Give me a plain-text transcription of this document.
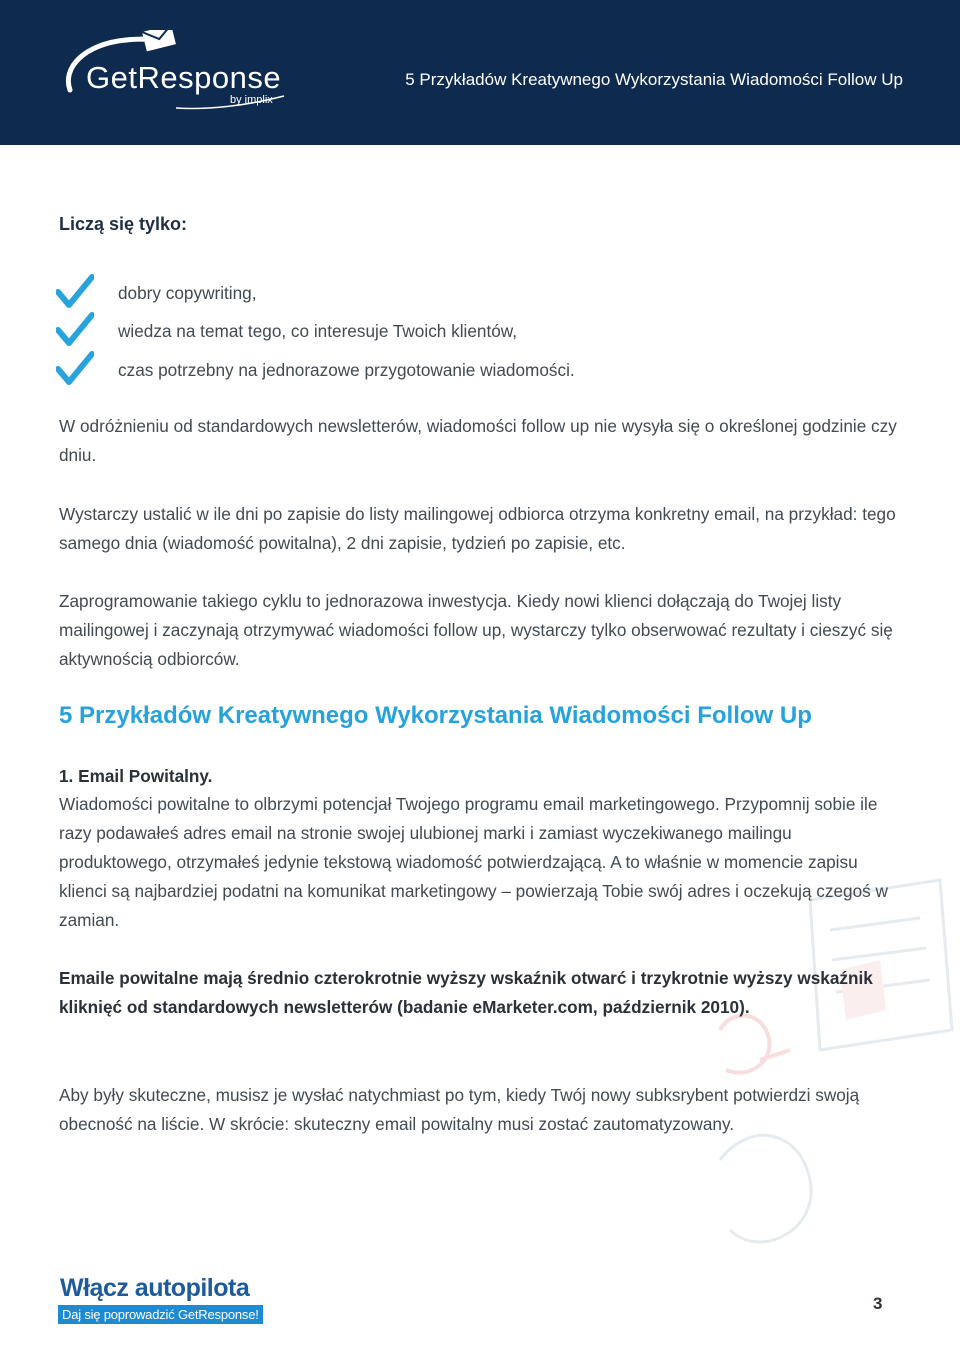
GetResponse
by implix
5 Przykładów Kreatywnego Wykorzystania Wiadomości Follow Up
Liczą się tylko:
dobry copywriting,
wiedza na temat tego, co interesuje Twoich klientów,
czas potrzebny na jednorazowe przygotowanie wiadomości.

W odróżnieniu od standardowych newsletterów, wiadomości follow up nie wysyła się o określonej godzinie czy dniu.

Wystarczy ustalić w ile dni po zapisie do listy mailingowej odbiorca otrzyma konkretny email, na przykład: tego samego dnia (wiadomość powitalna), 2 dni zapisie, tydzień po zapisie, etc.

Zaprogramowanie takiego cyklu to jednorazowa inwestycja. Kiedy nowi klienci dołączają do Twojej listy mailingowej i zaczynają otrzymywać wiadomości follow up, wystarczy tylko obserwować rezultaty i cieszyć się aktywnością odbiorców.

5 Przykładów Kreatywnego Wykorzystania Wiadomości Follow Up
1. Email Powitalny.

Wiadomości powitalne to olbrzymi potencjał Twojego programu email marketingowego. Przypomnij sobie ile razy podawałeś adres email na stronie swojej ulubionej marki i zamiast wyczekiwanego mailingu produktowego, otrzymałeś jedynie tekstową wiadomość potwierdzającą. A to właśnie w momencie zapisu klienci są najbardziej podatni na komunikat marketingowy – powierzają Tobie swój adres i oczekują czegoś w zamian.

Emaile powitalne mają średnio czterokrotnie wyższy wskaźnik otwarć i trzykrotnie wyższy wskaźnik kliknięć od standardowych newsletterów (badanie eMarketer.com, październik 2010).

Aby były skuteczne, musisz je wysłać natychmiast po tym, kiedy Twój nowy subksrybent potwierdzi swoją obecność na liście. W skrócie: skuteczny email powitalny musi zostać zautomatyzowany.

Włącz autopilota
Daj się poprowadzić GetResponse!
3
